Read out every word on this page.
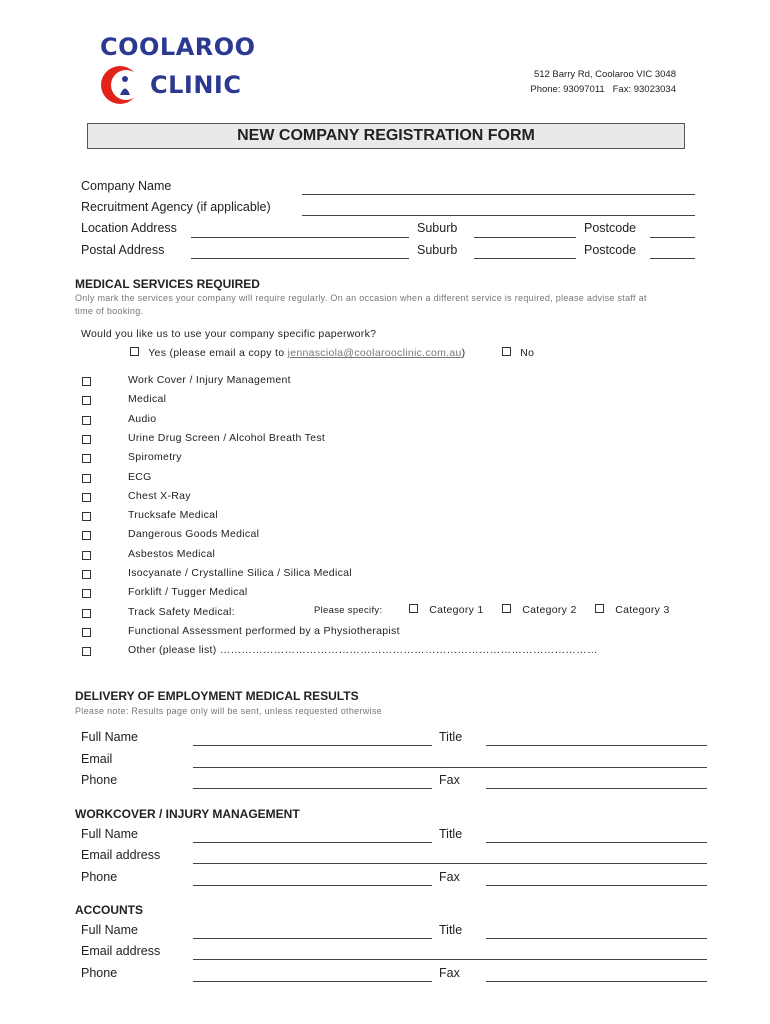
COOLAROO
CLINIC	512 Barry Rd, Coolaroo VIC 3048
Phone: 93097011   Fax: 93023034
NEW COMPANY REGISTRATION FORM
Company Name
Recruitment Agency (if applicable)
Location Address	Suburb	Postcode
Postal Address	Suburb	Postcode
MEDICAL SERVICES REQUIRED
Only mark the services your company will require regularly. On an occasion when a different service is required, please advise staff at
time of booking.
Would you like us to use your company specific paperwork?
Yes (please email a copy to jennasciola@coolarooclinic.com.au)	No
Work Cover / Injury Management
Medical
Audio
Urine Drug Screen / Alcohol Breath Test
Spirometry
ECG
Chest X-Ray
Trucksafe Medical
Dangerous Goods Medical
Asbestos Medical
Isocyanate / Crystalline Silica / Silica Medical
Forklift / Tugger Medical
Track Safety Medical:
Functional Assessment performed by a Physiotherapist
Other (please list) ……………………………………………………………………………………………
Please specify:	Category 1	Category 2	Category 3
DELIVERY OF EMPLOYMENT MEDICAL RESULTS
Please note: Results page only will be sent, unless requested otherwise
Full Name	Title
Email
Phone	Fax
WORKCOVER / INJURY MANAGEMENT
Full Name	Title
Email address
Phone	Fax
ACCOUNTS
Full Name	Title
Email address
Phone	Fax
